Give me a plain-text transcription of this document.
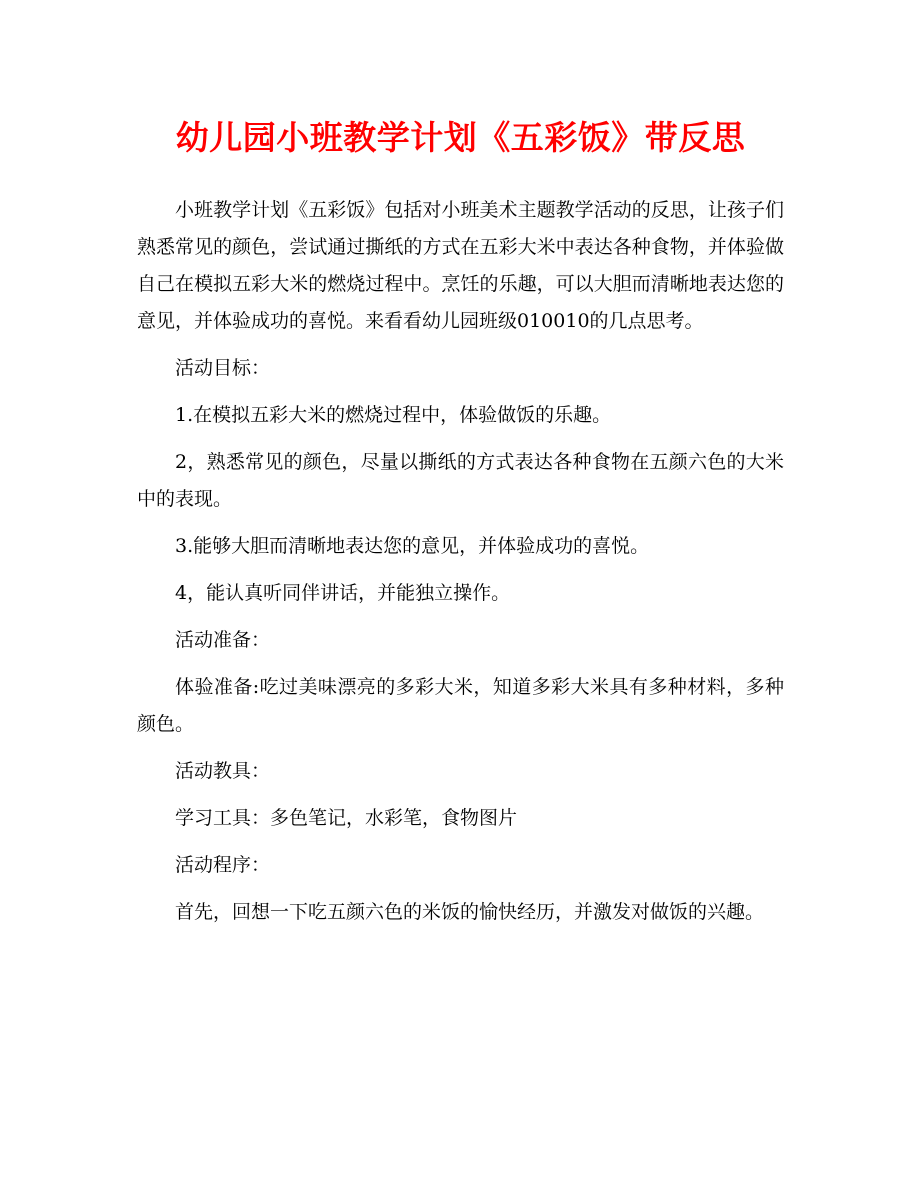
幼儿园小班教学计划《五彩饭》带反思

小班教学计划《五彩饭》包括对小班美术主题教学活动的反思，让孩子们熟悉常见的颜色，尝试通过撕纸的方式在五彩大米中表达各种食物，并体验做自己在模拟五彩大米的燃烧过程中。烹饪的乐趣，可以大胆而清晰地表达您的意见，并体验成功的喜悦。来看看幼儿园班级010010的几点思考。

活动目标：

1.在模拟五彩大米的燃烧过程中，体验做饭的乐趣。

2，熟悉常见的颜色，尽量以撕纸的方式表达各种食物在五颜六色的大米中的表现。

3.能够大胆而清晰地表达您的意见，并体验成功的喜悦。

4，能认真听同伴讲话，并能独立操作。

活动准备：

体验准备:吃过美味漂亮的多彩大米，知道多彩大米具有多种材料，多种颜色。

活动教具：

学习工具：多色笔记，水彩笔，食物图片

活动程序：

首先，回想一下吃五颜六色的米饭的愉快经历，并激发对做饭的兴趣。
